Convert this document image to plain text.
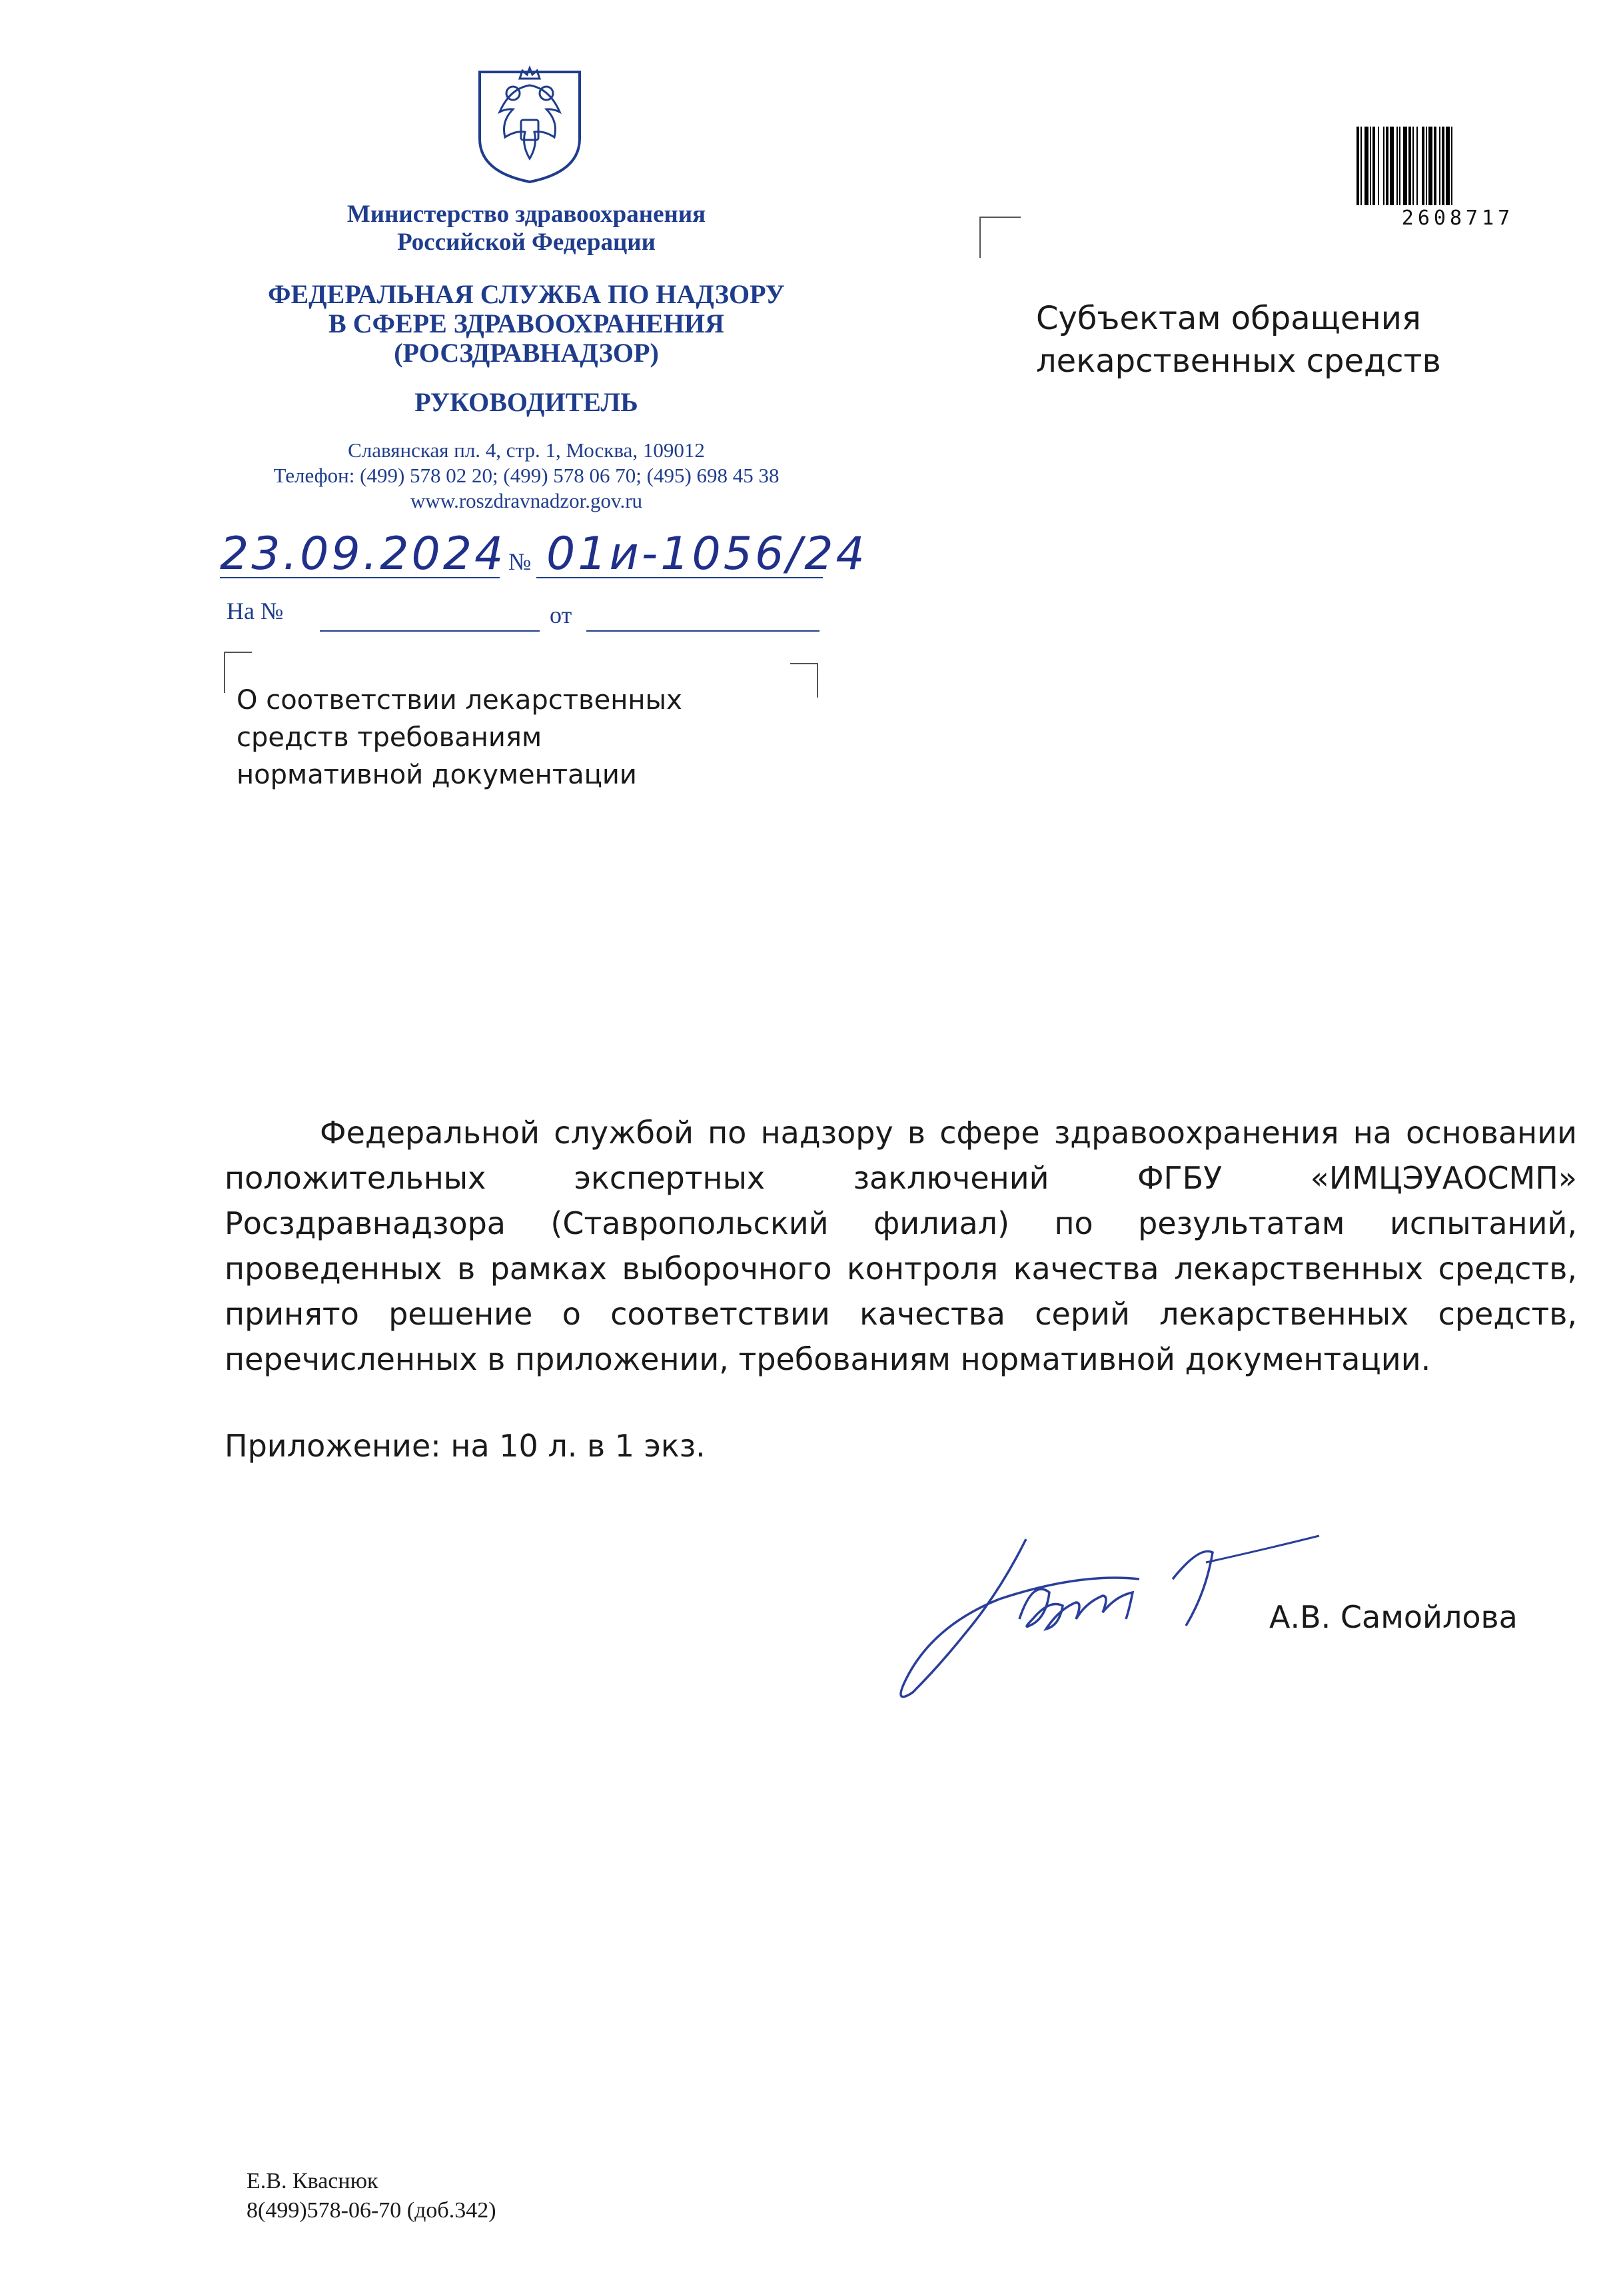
Министерство здравоохранения
Российской Федерации
ФЕДЕРАЛЬНАЯ СЛУЖБА ПО НАДЗОРУ
В СФЕРЕ ЗДРАВООХРАНЕНИЯ
(РОСЗДРАВНАДЗОР)
РУКОВОДИТЕЛЬ
Славянская пл. 4, стр. 1, Москва, 109012
Телефон: (499) 578 02 20; (499) 578 06 70; (495) 698 45 38
www.roszdravnadzor.gov.ru
2608717
Субъектам обращения
лекарственных средств
23.09.2024 № 01и-1056/24
На №	от
О соответствии лекарственных
средств требованиям
нормативной документации
Федеральной службой по надзору в сфере здравоохранения на основании
положительных экспертных заключений ФГБУ «ИМЦЭУАОСМП»
Росздравнадзора (Ставропольский филиал) по результатам испытаний,
проведенных в рамках выборочного контроля качества лекарственных средств,
принято решение о соответствии качества серий лекарственных средств,
перечисленных в приложении, требованиям нормативной документации.
Приложение: на 10 л. в 1 экз.
А.В. Самойлова
Е.В. Кваснюк
8(499)578-06-70 (доб.342)
